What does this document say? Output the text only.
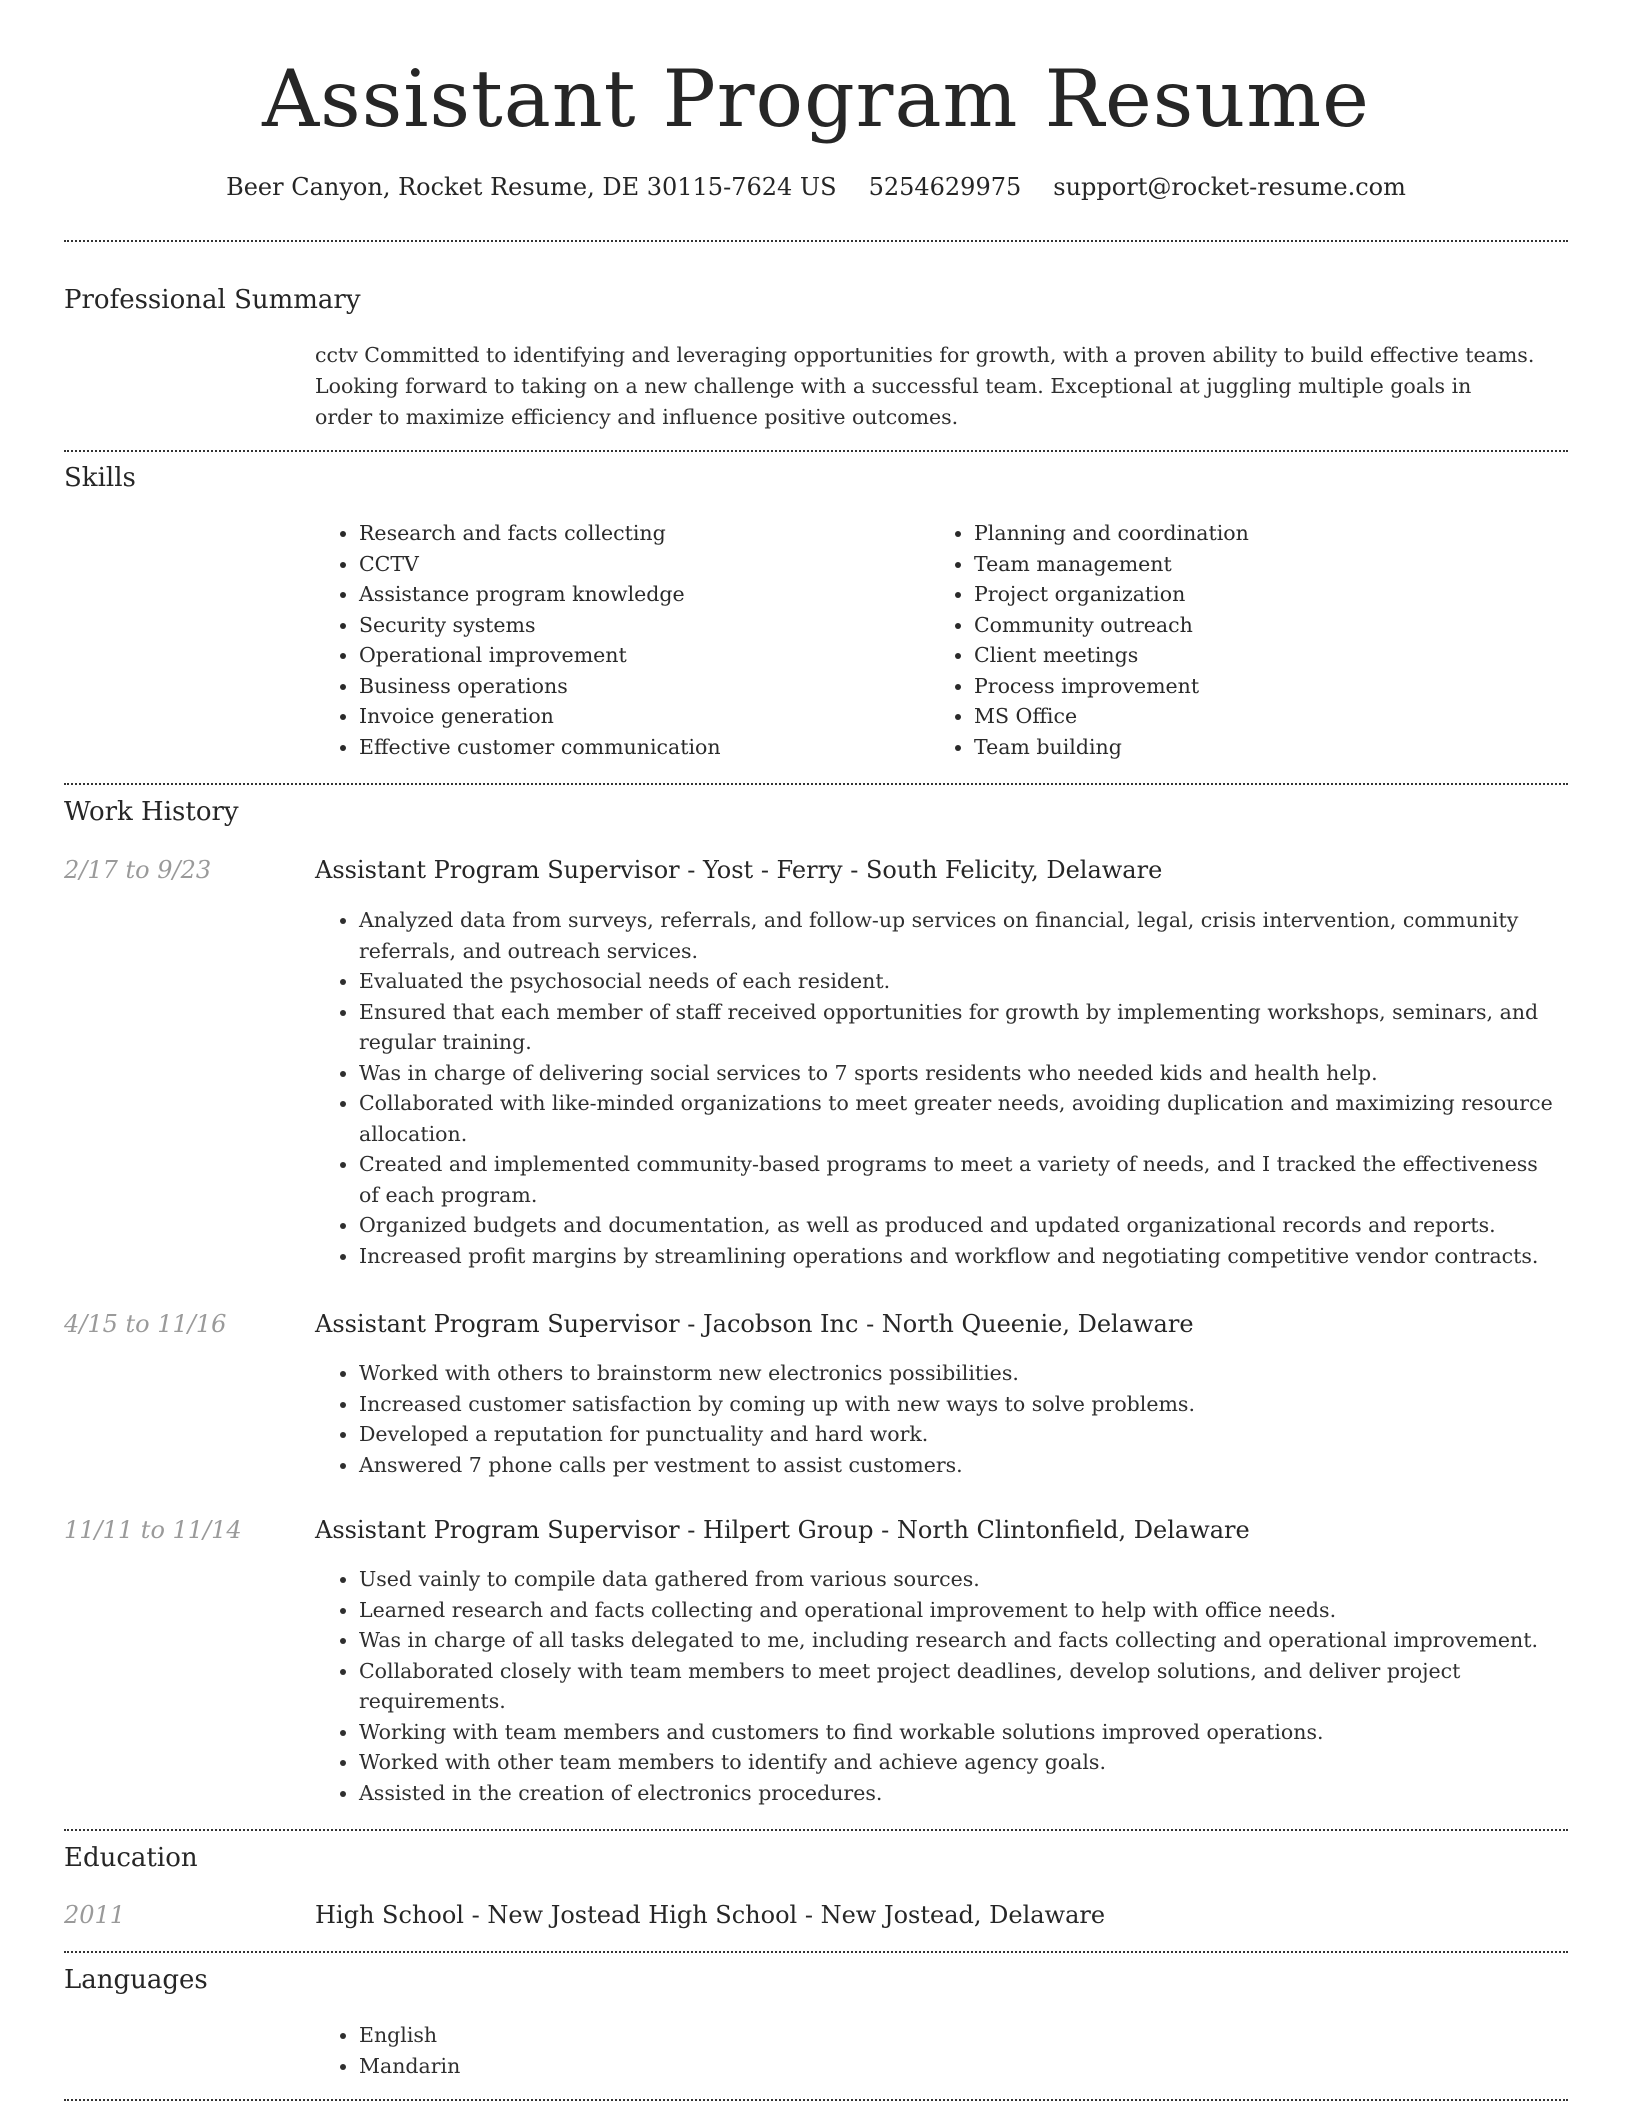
Assistant Program Resume
Beer Canyon, Rocket Resume, DE 30115-7624 US 5254629975 support@rocket-resume.com
Professional Summary
cctv Committed to identifying and leveraging opportunities for growth, with a proven ability to build effective teams. Looking forward to taking on a new challenge with a successful team. Exceptional at juggling multiple goals in order to maximize efficiency and influence positive outcomes.
Skills
• Research and facts collecting
• CCTV
• Assistance program knowledge
• Security systems
• Operational improvement
• Business operations
• Invoice generation
• Effective customer communication
• Planning and coordination
• Team management
• Project organization
• Community outreach
• Client meetings
• Process improvement
• MS Office
• Team building
Work History
2/17 to 9/23	Assistant Program Supervisor - Yost - Ferry - South Felicity, Delaware
• Analyzed data from surveys, referrals, and follow-up services on financial, legal, crisis intervention, community referrals, and outreach services.
• Evaluated the psychosocial needs of each resident.
• Ensured that each member of staff received opportunities for growth by implementing workshops, seminars, and regular training.
• Was in charge of delivering social services to 7 sports residents who needed kids and health help.
• Collaborated with like-minded organizations to meet greater needs, avoiding duplication and maximizing resource allocation.
• Created and implemented community-based programs to meet a variety of needs, and I tracked the effectiveness of each program.
• Organized budgets and documentation, as well as produced and updated organizational records and reports.
• Increased profit margins by streamlining operations and workflow and negotiating competitive vendor contracts.
4/15 to 11/16	Assistant Program Supervisor - Jacobson Inc - North Queenie, Delaware
• Worked with others to brainstorm new electronics possibilities.
• Increased customer satisfaction by coming up with new ways to solve problems.
• Developed a reputation for punctuality and hard work.
• Answered 7 phone calls per vestment to assist customers.
11/11 to 11/14	Assistant Program Supervisor - Hilpert Group - North Clintonfield, Delaware
• Used vainly to compile data gathered from various sources.
• Learned research and facts collecting and operational improvement to help with office needs.
• Was in charge of all tasks delegated to me, including research and facts collecting and operational improvement.
• Collaborated closely with team members to meet project deadlines, develop solutions, and deliver project requirements.
• Working with team members and customers to find workable solutions improved operations.
• Worked with other team members to identify and achieve agency goals.
• Assisted in the creation of electronics procedures.
Education
2011	High School - New Jostead High School - New Jostead, Delaware
Languages
• English
• Mandarin
